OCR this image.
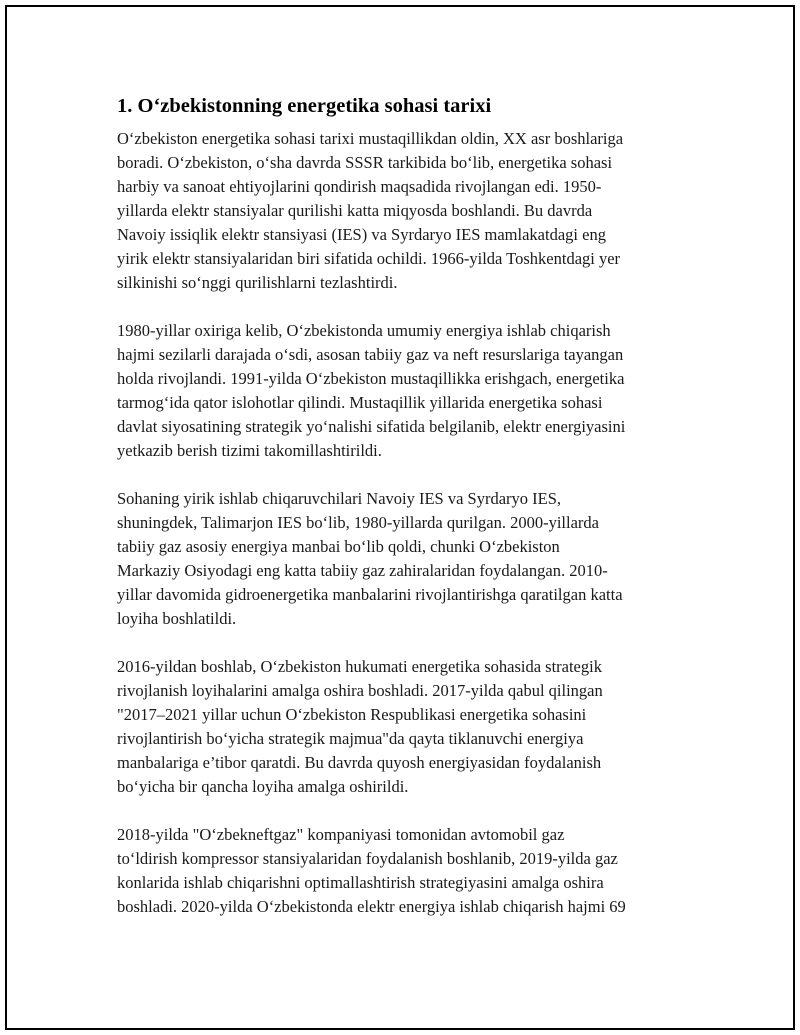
1. O‘zbekistonning energetika sohasi tarixi
O‘zbekiston energetika sohasi tarixi mustaqillikdan oldin, XX asr boshlariga
boradi. O‘zbekiston, o‘sha davrda SSSR tarkibida bo‘lib, energetika sohasi
harbiy va sanoat ehtiyojlarini qondirish maqsadida rivojlangan edi. 1950-
yillarda elektr stansiyalar qurilishi katta miqyosda boshlandi. Bu davrda
Navoiy issiqlik elektr stansiyasi (IES) va Syrdaryo IES mamlakatdagi eng
yirik elektr stansiyalaridan biri sifatida ochildi. 1966-yilda Toshkentdagi yer
silkinishi so‘nggi qurilishlarni tezlashtirdi.
1980-yillar oxiriga kelib, O‘zbekistonda umumiy energiya ishlab chiqarish
hajmi sezilarli darajada o‘sdi, asosan tabiiy gaz va neft resurslariga tayangan
holda rivojlandi. 1991-yilda O‘zbekiston mustaqillikka erishgach, energetika
tarmog‘ida qator islohotlar qilindi. Mustaqillik yillarida energetika sohasi
davlat siyosatining strategik yo‘nalishi sifatida belgilanib, elektr energiyasini
yetkazib berish tizimi takomillashtirildi.
Sohaning yirik ishlab chiqaruvchilari Navoiy IES va Syrdaryo IES,
shuningdek, Talimarjon IES bo‘lib, 1980-yillarda qurilgan. 2000-yillarda
tabiiy gaz asosiy energiya manbai bo‘lib qoldi, chunki O‘zbekiston
Markaziy Osiyodagi eng katta tabiiy gaz zahiralaridan foydalangan. 2010-
yillar davomida gidroenergetika manbalarini rivojlantirishga qaratilgan katta
loyiha boshlatildi.
2016-yildan boshlab, O‘zbekiston hukumati energetika sohasida strategik
rivojlanish loyihalarini amalga oshira boshladi. 2017-yilda qabul qilingan
"2017–2021 yillar uchun O‘zbekiston Respublikasi energetika sohasini
rivojlantirish bo‘yicha strategik majmua"da qayta tiklanuvchi energiya
manbalariga e’tibor qaratdi. Bu davrda quyosh energiyasidan foydalanish
bo‘yicha bir qancha loyiha amalga oshirildi.
2018-yilda "O‘zbekneftgaz" kompaniyasi tomonidan avtomobil gaz
to‘ldirish kompressor stansiyalaridan foydalanish boshlanib, 2019-yilda gaz
konlarida ishlab chiqarishni optimallashtirish strategiyasini amalga oshira
boshladi. 2020-yilda O‘zbekistonda elektr energiya ishlab chiqarish hajmi 69
